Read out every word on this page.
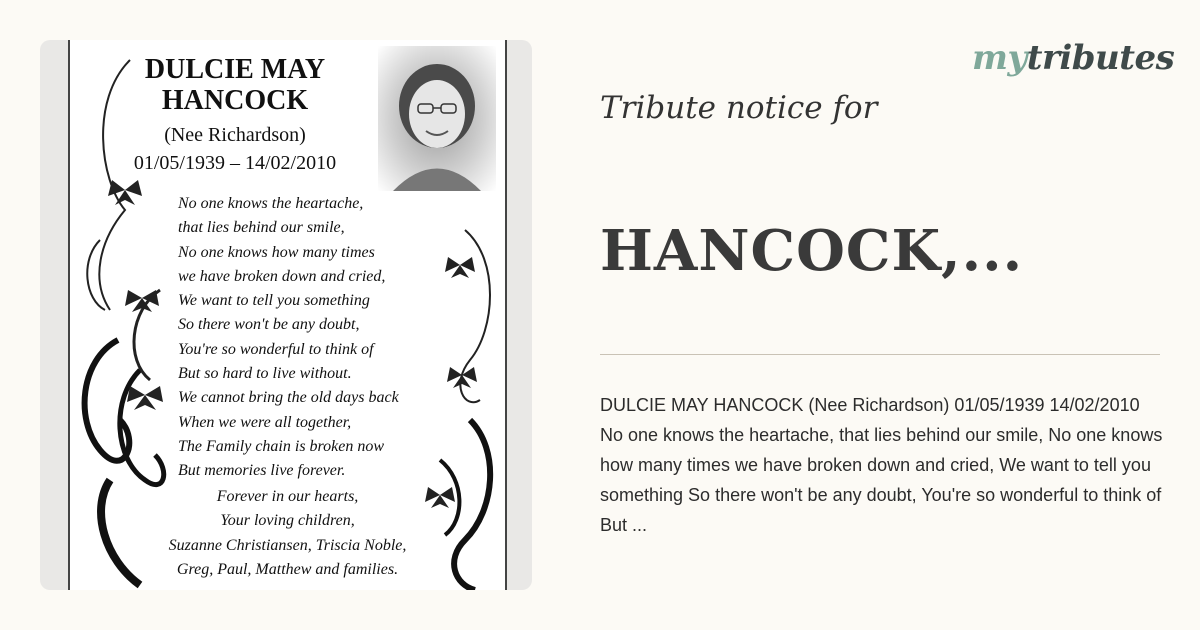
DULCIE MAY
HANCOCK
(Nee Richardson)
01/05/1939 – 14/02/2010
No one knows the heartache,
that lies behind our smile,
No one knows how many times
we have broken down and cried,
We want to tell you something
So there won't be any doubt,
You're so wonderful to think of
But so hard to live without.
We cannot bring the old days back
When we were all together,
The Family chain is broken now
But memories live forever.
Forever in our hearts,
Your loving children,
Suzanne Christiansen, Triscia Noble,
Greg, Paul, Matthew and families.
mytributes
Tribute notice for
HANCOCK,...
DULCIE MAY HANCOCK (Nee Richardson) 01/05/1939 14/02/2010 No one knows the heartache, that lies behind our smile, No one knows how many times we have broken down and cried, We want to tell you something So there won't be any doubt, You're so wonderful to think of But ...
